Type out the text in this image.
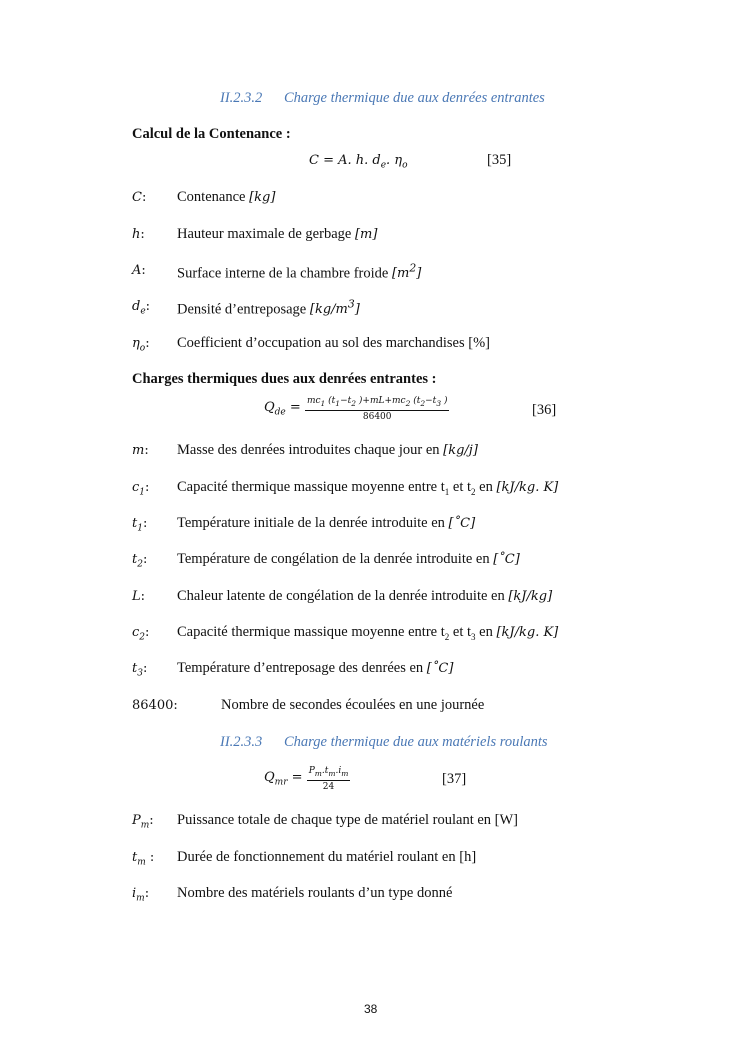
II.2.3.2 Charge thermique due aux denrées entrantes
Calcul de la Contenance :
C = A. h. $d_e$. $\eta_o$	[35]
C: Contenance [kg]
h: Hauteur maximale de gerbage [m]
A: Surface interne de la chambre froide $[m^2]$
$d_e$: Densité d’entreposage $[kg/m^3]$
$\eta_o$: Coefficient d’occupation au sol des marchandises [%]
Charges thermiques dues aux denrées entrantes :
$Q_{de} = \frac{mc_1 (t_1-t_2 )+mL+mc_2 (t_2-t_3 )}{86400}$	[36]
m: Masse des denrées introduites chaque jour en [kg/j]
$c_1$: Capacité thermique massique moyenne entre $t_1$ et $t_2$ en [kJ/kg. K]
$t_1$: Température initiale de la denrée introduite en [˚C]
$t_2$: Température de congélation de la denrée introduite en [˚C]
L: Chaleur latente de congélation de la denrée introduite en [kJ/kg]
$c_2$: Capacité thermique massique moyenne entre $t_2$ et $t_3$ en [kJ/kg. K]
$t_3$: Température d’entreposage des denrées en [˚C]
86400:	Nombre de secondes écoulées en une journée
II.2.3.3 Charge thermique due aux matériels roulants
$Q_{mr} = \frac{P_m.t_m.i_m}{24}$	[37]
$P_m$: Puissance totale de chaque type de matériel roulant en [W]
$t_m$ : Durée de fonctionnement du matériel roulant en [h]
$i_m$: Nombre des matériels roulants d’un type donné
38
